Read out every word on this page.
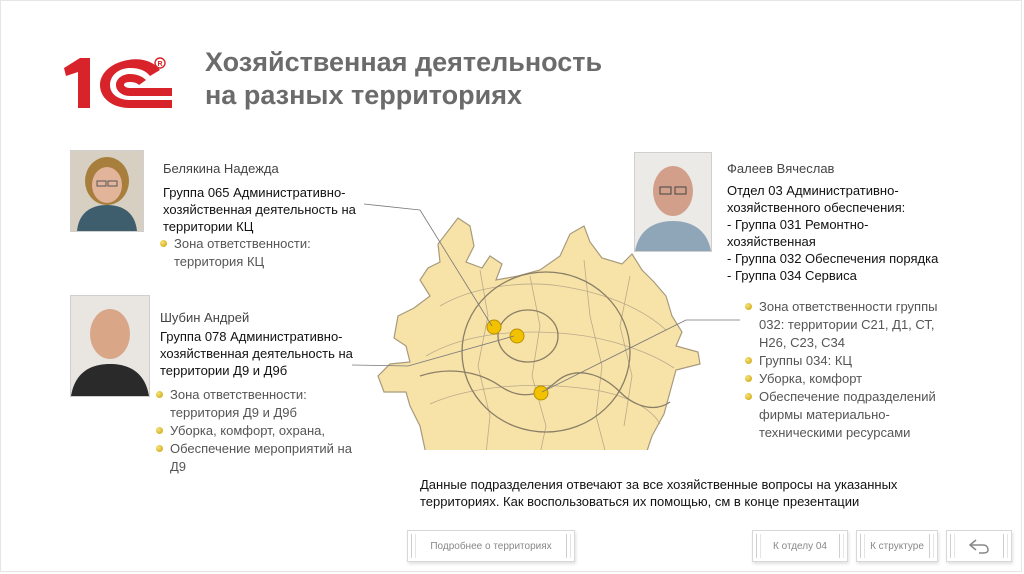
R Хозяйственная деятельность
на разных территориях
Белякина Надежда
Группа 065 Административно-
хозяйственная деятельность на
территории КЦ
Зона ответственности:
территория КЦ
Шубин Андрей
Группа 078 Административно-
хозяйственная деятельность на
территории Д9 и Д9б
Зона ответственности:
территория Д9 и Д9б
Уборка, комфорт, охрана,
Обеспечение мероприятий на
Д9
Фалеев Вячеслав
Отдел 03 Административно-
хозяйственного обеспечения:
- Группа 031 Ремонтно-
хозяйственная
- Группа 032 Обеспечения порядка
- Группа 034 Сервиса
Зона ответственности группы
032: территории С21, Д1, СТ,
Н26, С23, С34
Группы 034: КЦ
Уборка, комфорт
Обеспечение подразделений
фирмы материально-
техническими ресурсами
Данные подразделения отвечают за все хозяйственные вопросы на указанных
территориях. Как воспользоваться их помощью, см в конце презентации
Подробнее о территориях	К отделу 04	К структуре
